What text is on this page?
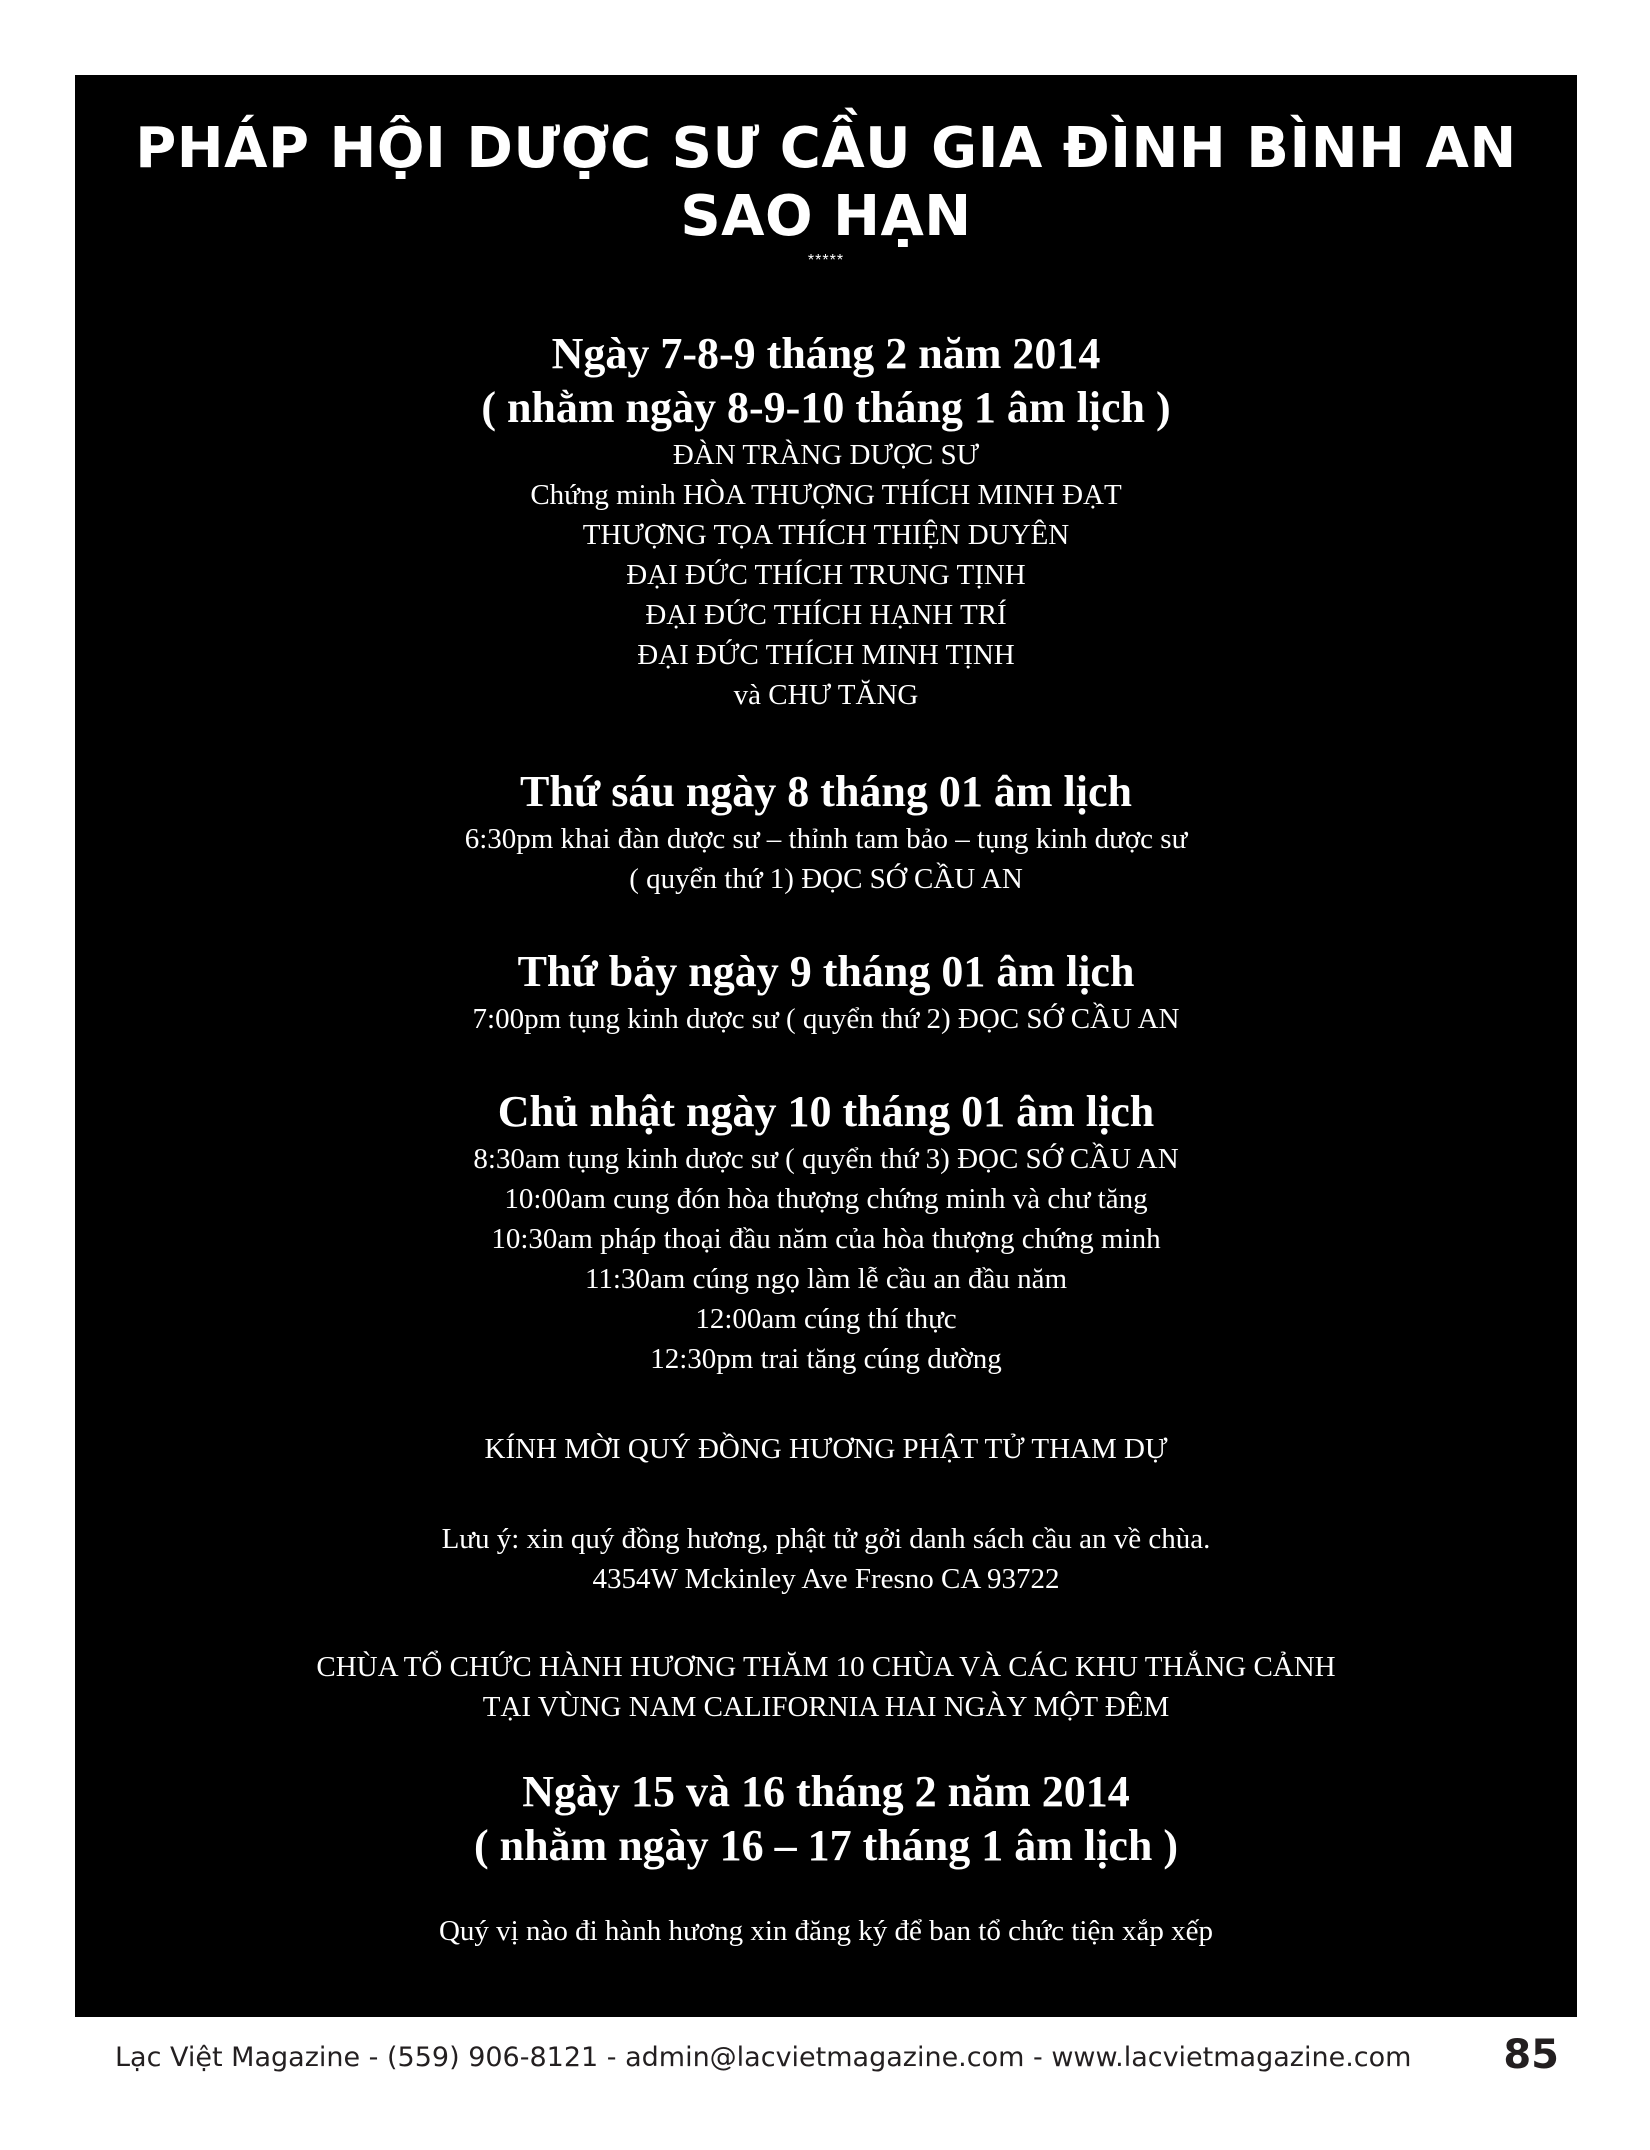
PHÁP HỘI DƯỢC SƯ CẦU GIA ĐÌNH BÌNH AN
SAO HẠN
*****

Ngày 7-8-9 tháng 2 năm 2014

( nhằm ngày 8-9-10 tháng 1 âm lịch )

ĐÀN TRÀNG DƯỢC SƯ

Chứng minh HÒA THƯỢNG THÍCH MINH ĐẠT

THƯỢNG TỌA THÍCH THIỆN DUYÊN

ĐẠI ĐỨC THÍCH TRUNG TỊNH

ĐẠI ĐỨC THÍCH HẠNH TRÍ

ĐẠI ĐỨC THÍCH MINH TỊNH

và CHƯ TĂNG

Thứ sáu ngày 8 tháng 01 âm lịch

6:30pm khai đàn dược sư – thỉnh tam bảo – tụng kinh dược sư

( quyển thứ 1) ĐỌC SỚ CẦU AN

Thứ bảy ngày 9 tháng 01 âm lịch

7:00pm tụng kinh dược sư ( quyển thứ 2) ĐỌC SỚ CẦU AN

Chủ nhật ngày 10 tháng 01 âm lịch

8:30am tụng kinh dược sư ( quyển thứ 3) ĐỌC SỚ CẦU AN

10:00am cung đón hòa thượng chứng minh và chư tăng

10:30am pháp thoại đầu năm của hòa thượng chứng minh

11:30am cúng ngọ làm lễ cầu an đầu năm

12:00am cúng thí thực

12:30pm trai tăng cúng dường

KÍNH MỜI QUÝ ĐỒNG HƯƠNG PHẬT TỬ THAM DỰ

Lưu ý: xin quý đồng hương, phật tử gởi danh sách cầu an về chùa.

4354W Mckinley Ave Fresno CA 93722

CHÙA TỔ CHỨC HÀNH HƯƠNG THĂM 10 CHÙA VÀ CÁC KHU THẮNG CẢNH

TẠI VÙNG NAM CALIFORNIA HAI NGÀY MỘT ĐÊM

Ngày 15 và 16 tháng 2 năm 2014

( nhằm ngày 16 – 17 tháng 1 âm lịch )

Quý vị nào đi hành hương xin đăng ký để ban tổ chức tiện xắp xếp

Lạc Việt Magazine - (559) 906-8121 - admin@lacvietmagazine.com - www.lacvietmagazine.com 85
